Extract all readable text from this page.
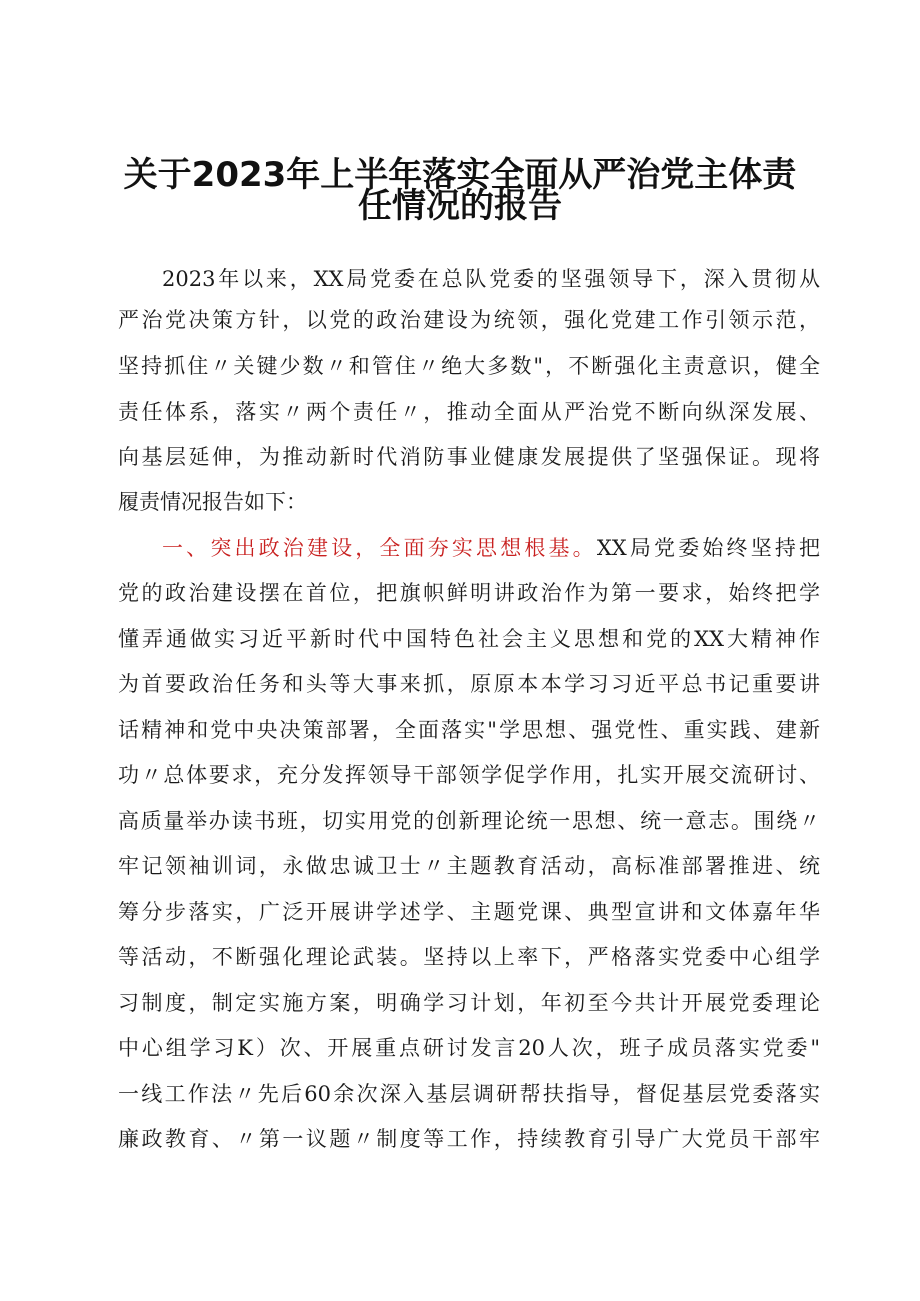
关于2023年上半年落实全面从严治党主体责
任情况的报告

2023年以来，XX局党委在总队党委的坚强领导下，深入贯彻从

严治党决策方针，以党的政治建设为统领，强化党建工作引领示范，

坚持抓住〃关键少数〃和管住〃绝大多数"，不断强化主责意识，健全

责任体系，落实〃两个责任〃，推动全面从严治党不断向纵深发展、

向基层延伸，为推动新时代消防事业健康发展提供了坚强保证。现将

履责情况报告如下：

一、突出政治建设，全面夯实思想根基。XX局党委始终坚持把

党的政治建设摆在首位，把旗帜鲜明讲政治作为第一要求，始终把学

懂弄通做实习近平新时代中国特色社会主义思想和党的XX大精神作

为首要政治任务和头等大事来抓，原原本本学习习近平总书记重要讲

话精神和党中央决策部署，全面落实"学思想、强党性、重实践、建新

功〃总体要求，充分发挥领导干部领学促学作用，扎实开展交流研讨、

高质量举办读书班，切实用党的创新理论统一思想、统一意志。围绕〃

牢记领袖训词，永做忠诚卫士〃主题教育活动，高标准部署推进、统

筹分步落实，广泛开展讲学述学、主题党课、典型宣讲和文体嘉年华

等活动，不断强化理论武装。坚持以上率下，严格落实党委中心组学

习制度，制定实施方案，明确学习计划，年初至今共计开展党委理论

中心组学习K）次、开展重点研讨发言20人次，班子成员落实党委"

一线工作法〃先后60余次深入基层调研帮扶指导，督促基层党委落实

廉政教育、〃第一议题〃制度等工作，持续教育引导广大党员干部牢
